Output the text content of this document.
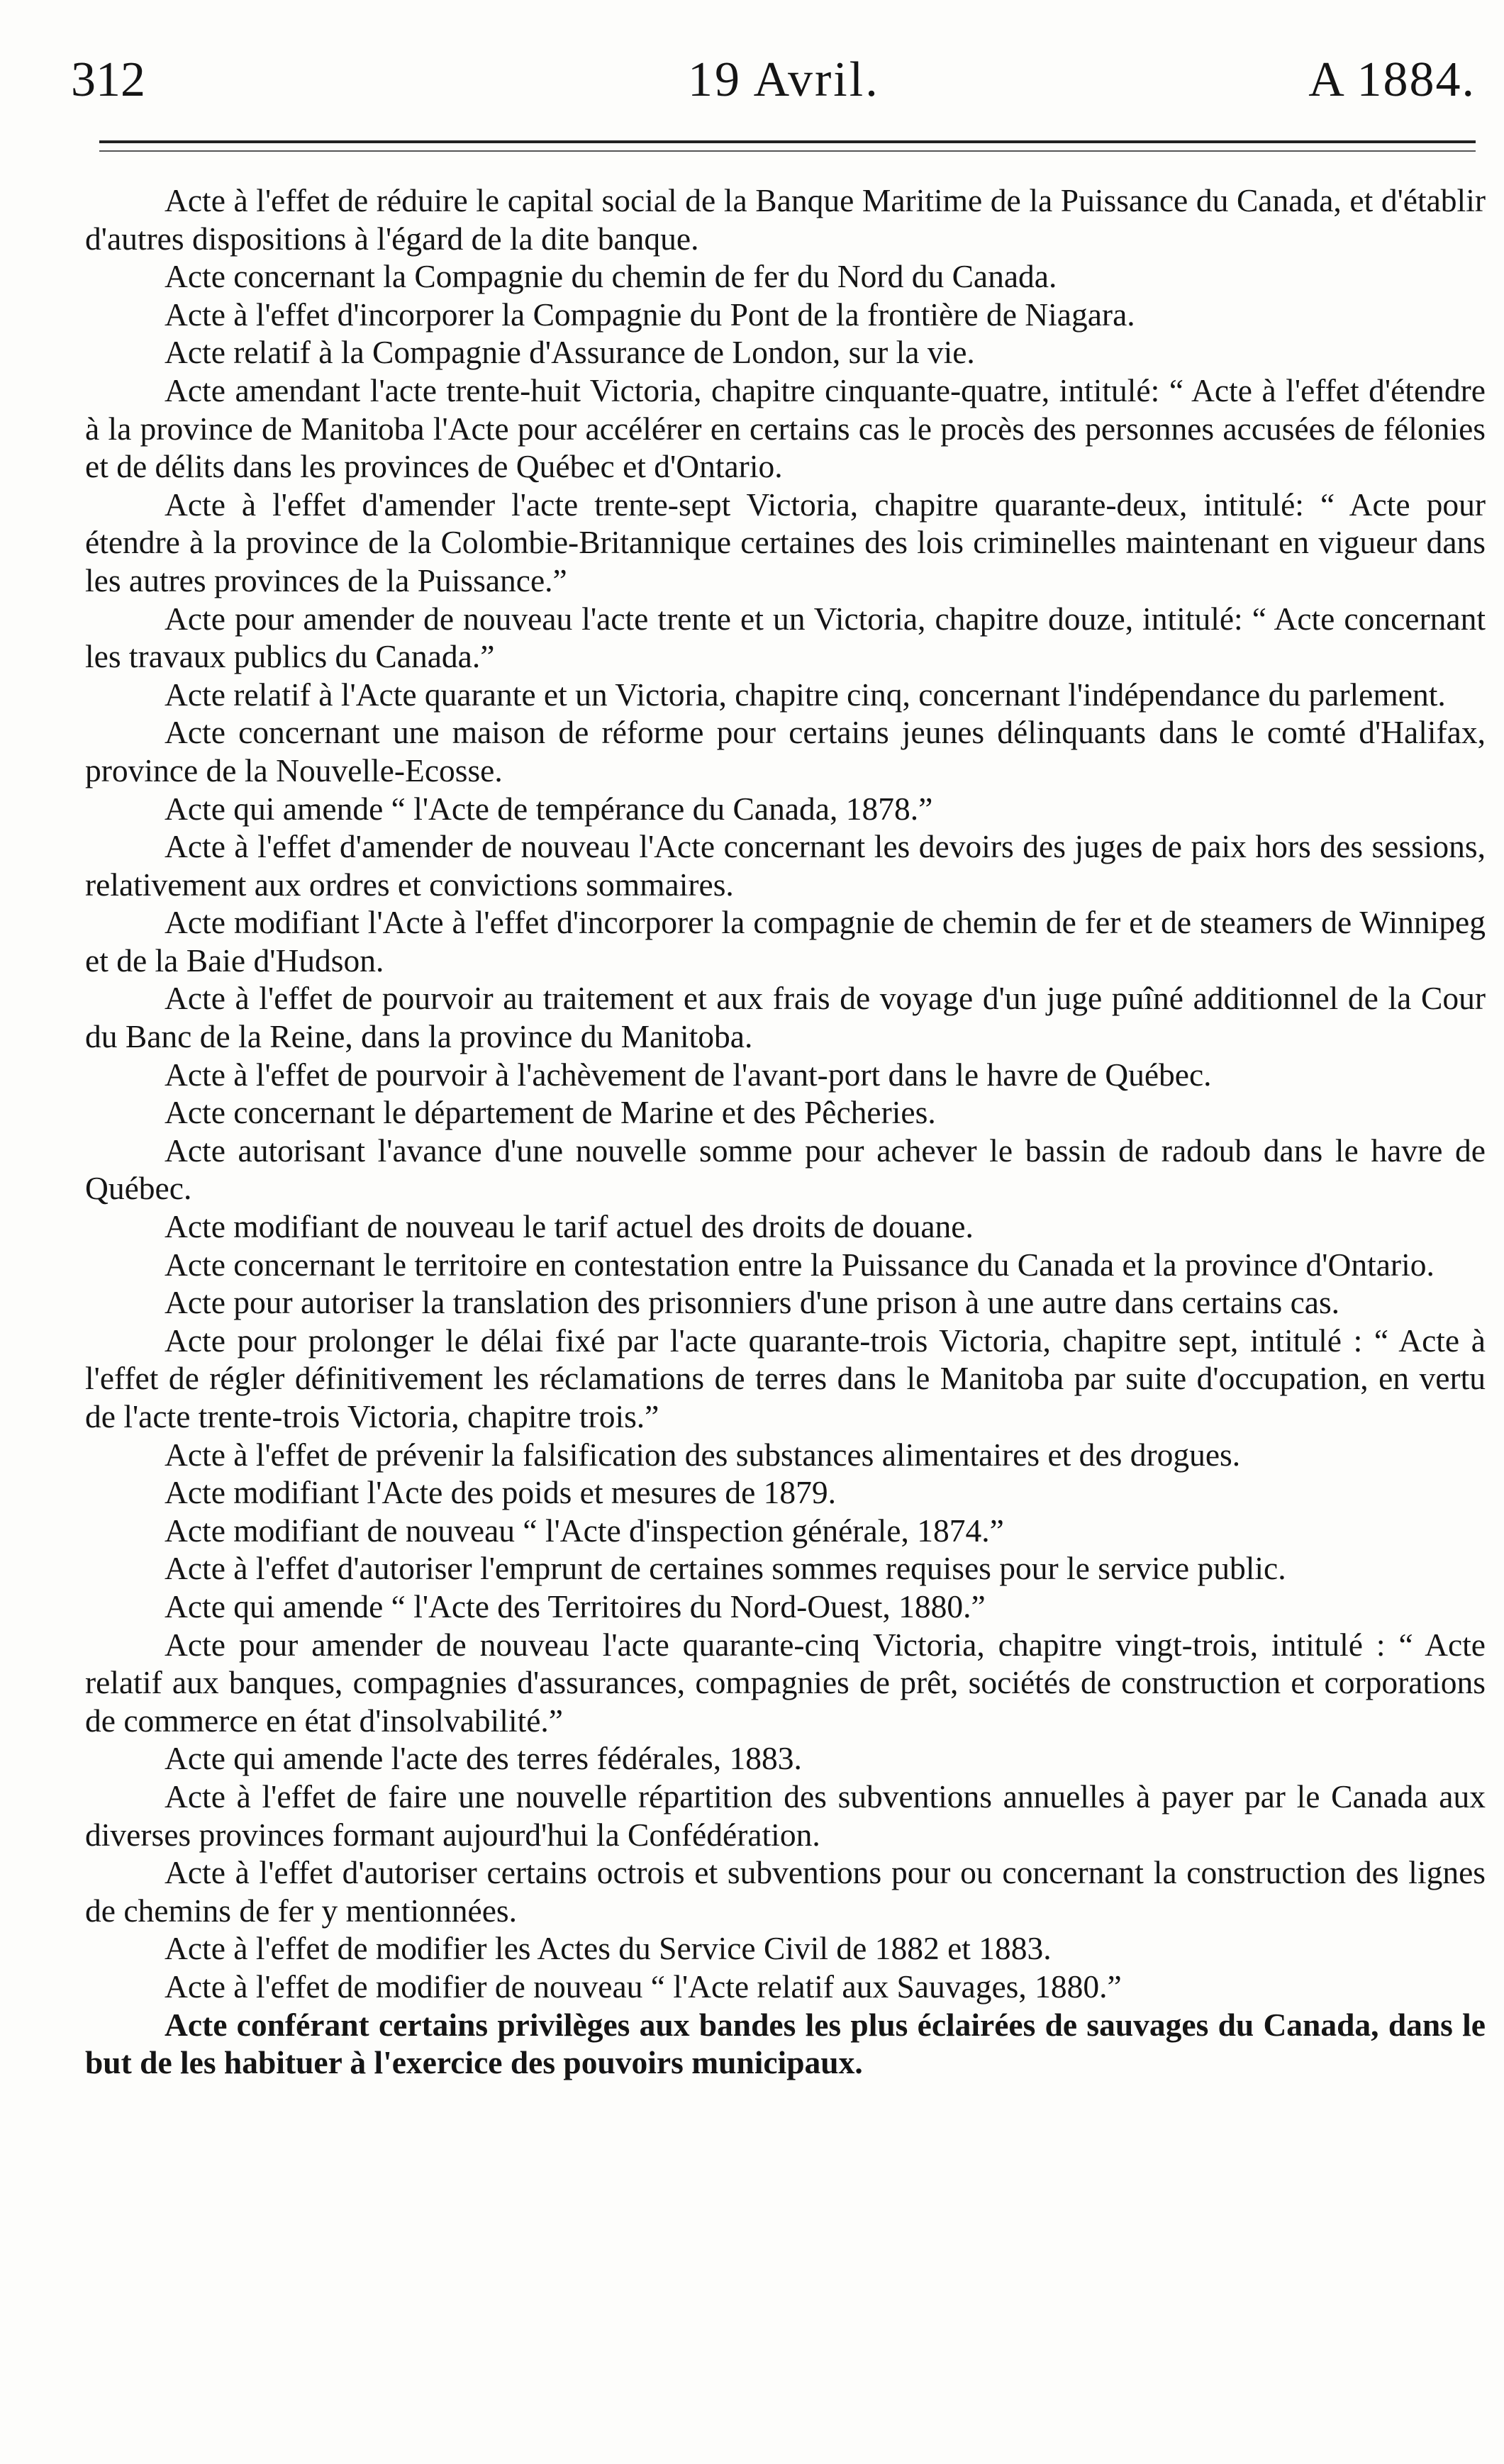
312	19 Avril.	A 1884.

Acte à l'effet de réduire le capital social de la Banque Maritime de la Puissance du Canada, et d'établir d'autres dispositions à l'égard de la dite banque.

Acte concernant la Compagnie du chemin de fer du Nord du Canada.

Acte à l'effet d'incorporer la Compagnie du Pont de la frontière de Niagara.

Acte relatif à la Compagnie d'Assurance de London, sur la vie.

Acte amendant l'acte trente-huit Victoria, chapitre cinquante-quatre, intitulé: “ Acte à l'effet d'étendre à la province de Manitoba l'Acte pour accélérer en certains cas le procès des personnes accusées de félonies et de délits dans les provinces de Québec et d'Ontario.

Acte à l'effet d'amender l'acte trente-sept Victoria, chapitre quarante-deux, intitulé: “ Acte pour étendre à la province de la Colombie-Britannique certaines des lois criminelles maintenant en vigueur dans les autres provinces de la Puissance.”

Acte pour amender de nouveau l'acte trente et un Victoria, chapitre douze, intitulé: “ Acte concernant les travaux publics du Canada.”

Acte relatif à l'Acte quarante et un Victoria, chapitre cinq, concernant l'indépendance du parlement.

Acte concernant une maison de réforme pour certains jeunes délinquants dans le comté d'Halifax, province de la Nouvelle-Ecosse.

Acte qui amende “ l'Acte de tempérance du Canada, 1878.”

Acte à l'effet d'amender de nouveau l'Acte concernant les devoirs des juges de paix hors des sessions, relativement aux ordres et convictions sommaires.

Acte modifiant l'Acte à l'effet d'incorporer la compagnie de chemin de fer et de steamers de Winnipeg et de la Baie d'Hudson.

Acte à l'effet de pourvoir au traitement et aux frais de voyage d'un juge puîné additionnel de la Cour du Banc de la Reine, dans la province du Manitoba.

Acte à l'effet de pourvoir à l'achèvement de l'avant-port dans le havre de Québec.

Acte concernant le département de Marine et des Pêcheries.

Acte autorisant l'avance d'une nouvelle somme pour achever le bassin de radoub dans le havre de Québec.

Acte modifiant de nouveau le tarif actuel des droits de douane.

Acte concernant le territoire en contestation entre la Puissance du Canada et la province d'Ontario.

Acte pour autoriser la translation des prisonniers d'une prison à une autre dans certains cas.

Acte pour prolonger le délai fixé par l'acte quarante-trois Victoria, chapitre sept, intitulé : “ Acte à l'effet de régler définitivement les réclamations de terres dans le Manitoba par suite d'occupation, en vertu de l'acte trente-trois Victoria, chapitre trois.”

Acte à l'effet de prévenir la falsification des substances alimentaires et des drogues.

Acte modifiant l'Acte des poids et mesures de 1879.

Acte modifiant de nouveau “ l'Acte d'inspection générale, 1874.”

Acte à l'effet d'autoriser l'emprunt de certaines sommes requises pour le service public.

Acte qui amende “ l'Acte des Territoires du Nord-Ouest, 1880.”

Acte pour amender de nouveau l'acte quarante-cinq Victoria, chapitre vingt-trois, intitulé : “ Acte relatif aux banques, compagnies d'assurances, compagnies de prêt, sociétés de construction et corporations de commerce en état d'insolvabilité.”

Acte qui amende l'acte des terres fédérales, 1883.

Acte à l'effet de faire une nouvelle répartition des subventions annuelles à payer par le Canada aux diverses provinces formant aujourd'hui la Confédération.

Acte à l'effet d'autoriser certains octrois et subventions pour ou concernant la construction des lignes de chemins de fer y mentionnées.

Acte à l'effet de modifier les Actes du Service Civil de 1882 et 1883.

Acte à l'effet de modifier de nouveau “ l'Acte relatif aux Sauvages, 1880.”

Acte conférant certains privilèges aux bandes les plus éclairées de sauvages du Canada, dans le but de les habituer à l'exercice des pouvoirs municipaux.
